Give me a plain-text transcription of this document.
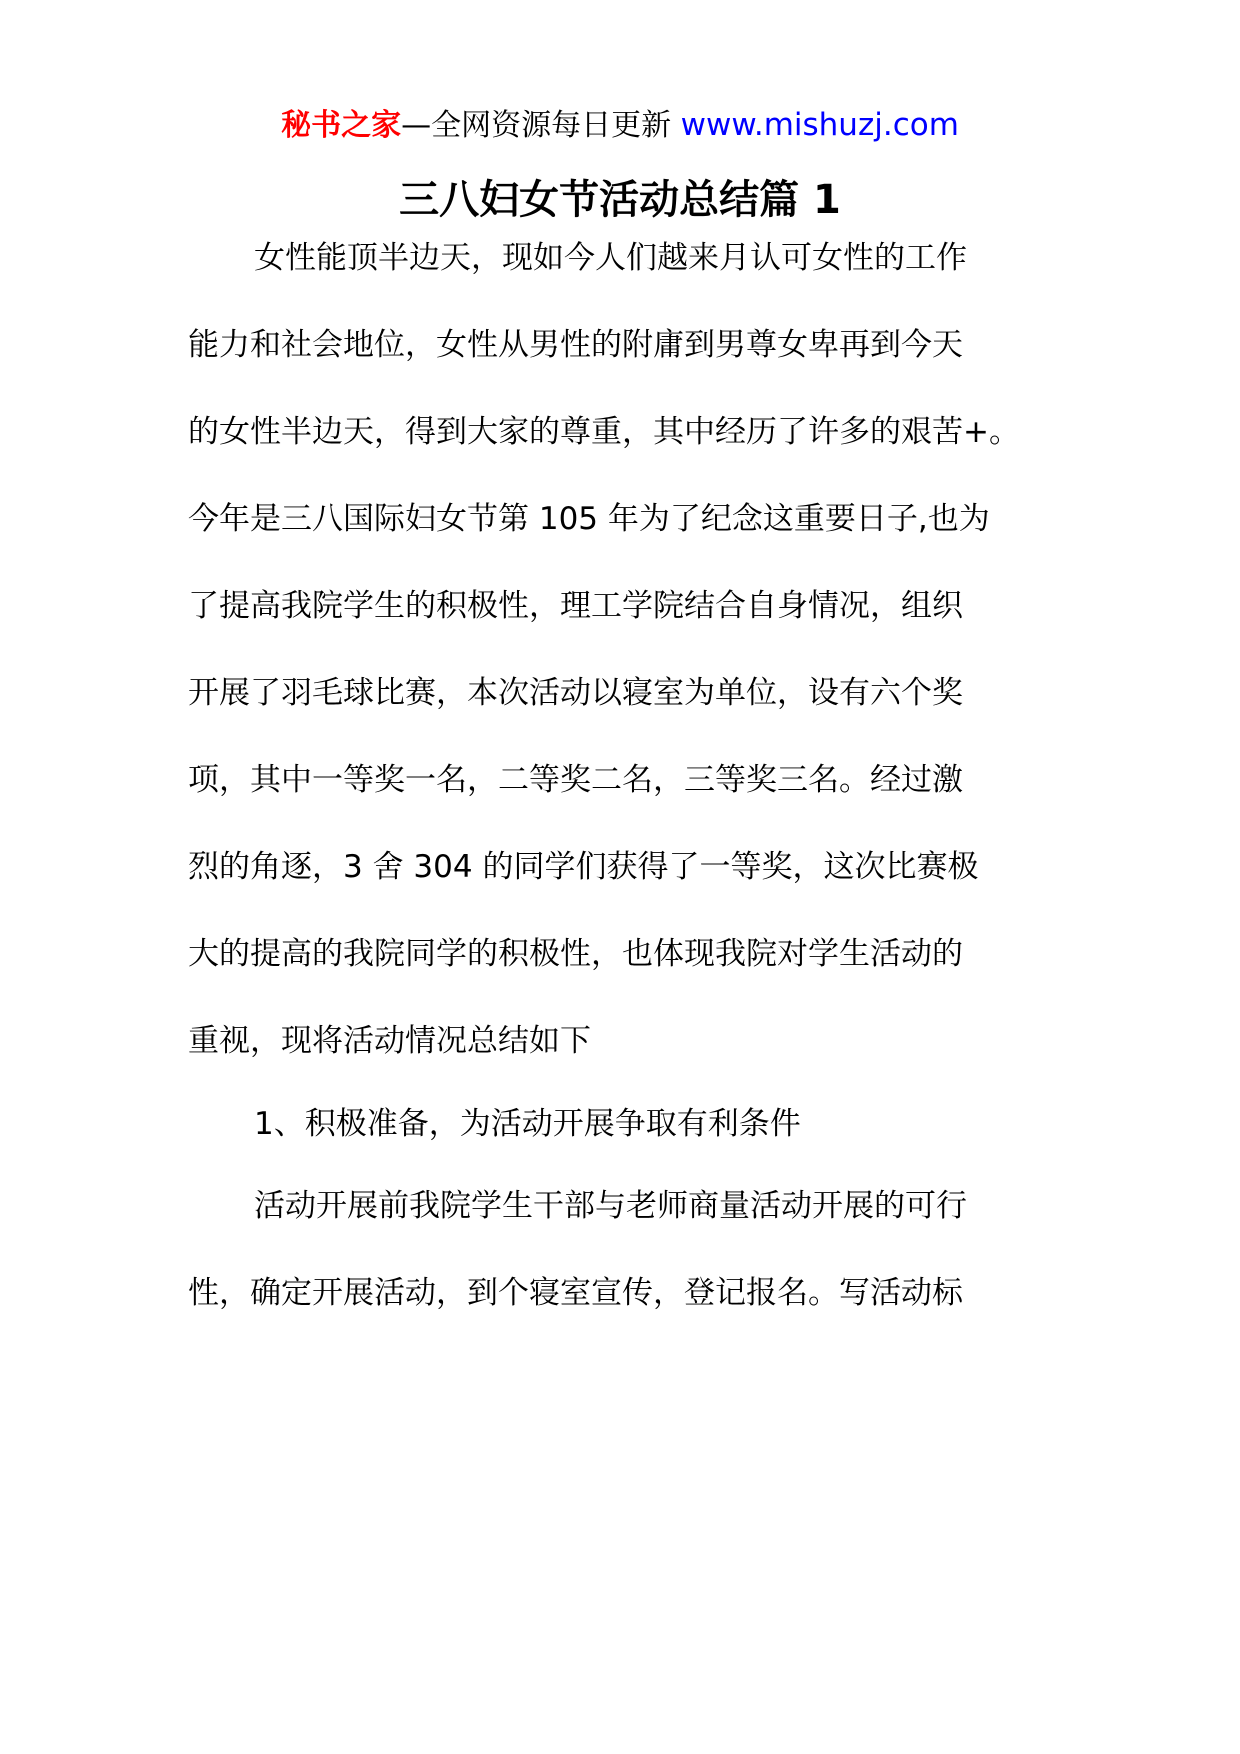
秘书之家—全网资源每日更新 www.mishuzj.com
三八妇女节活动总结篇 1
女性能顶半边天，现如今人们越来月认可女性的工作
能力和社会地位，女性从男性的附庸到男尊女卑再到今天
的女性半边天，得到大家的尊重，其中经历了许多的艰苦+。
今年是三八国际妇女节第 105 年为了纪念这重要日子,也为
了提高我院学生的积极性，理工学院结合自身情况，组织
开展了羽毛球比赛，本次活动以寝室为单位，设有六个奖
项，其中一等奖一名，二等奖二名，三等奖三名。经过激
烈的角逐，3 舍 304 的同学们获得了一等奖，这次比赛极
大的提高的我院同学的积极性，也体现我院对学生活动的
重视，现将活动情况总结如下
1、积极准备，为活动开展争取有利条件
活动开展前我院学生干部与老师商量活动开展的可行
性，确定开展活动，到个寝室宣传，登记报名。写活动标
